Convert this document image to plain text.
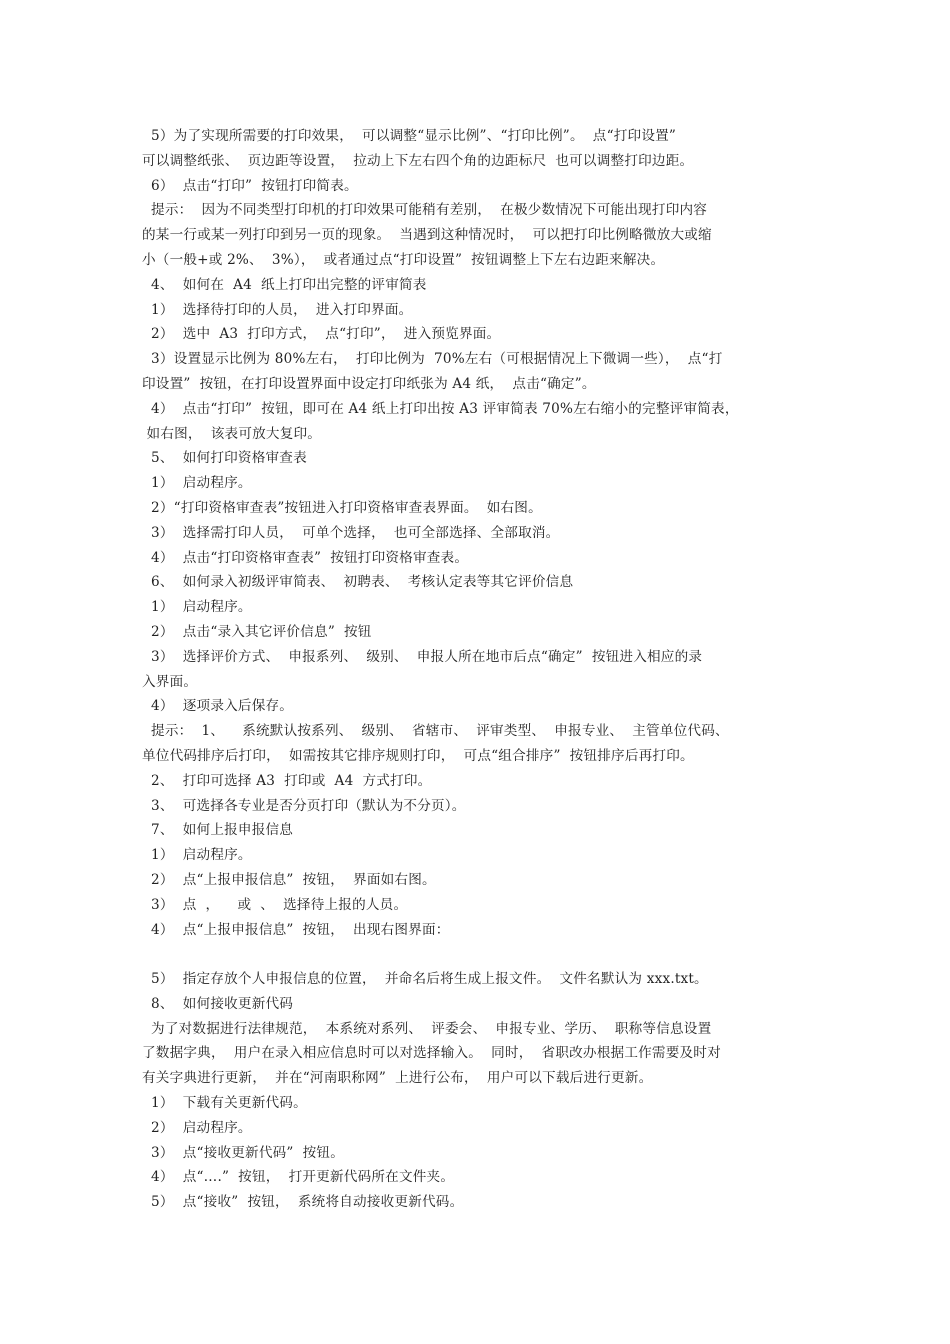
5）为了实现所需要的打印效果，  可以调整“显示比例”、“打印比例”。  点“打印设置”
可以调整纸张、  页边距等设置，  拉动上下左右四个角的边距标尺  也可以调整打印边距。
6）  点击“打印”  按钮打印简表。
提示：  因为不同类型打印机的打印效果可能稍有差别，  在极少数情况下可能出现打印内容
的某一行或某一列打印到另一页的现象。  当遇到这种情况时，  可以把打印比例略微放大或缩
小（一般+或 2%、  3%），  或者通过点“打印设置”  按钮调整上下左右边距来解决。
4、  如何在  A4  纸上打印出完整的评审简表
1）  选择待打印的人员，  进入打印界面。
2）  选中  A3  打印方式，  点“打印”，  进入预览界面。
3）设置显示比例为 80%左右，  打印比例为  70%左右（可根据情况上下微调一些），  点“打
印设置”  按钮，在打印设置界面中设定打印纸张为 A4 纸，  点击“确定”。
4）  点击“打印”  按钮，即可在 A4 纸上打印出按 A3 评审简表 70%左右缩小的完整评审简表，
如右图，  该表可放大复印。
5、  如何打印资格审查表
1）  启动程序。
2）“打印资格审查表”按钮进入打印资格审查表界面。  如右图。
3）  选择需打印人员，  可单个选择，  也可全部选择、全部取消。
4）  点击“打印资格审查表”  按钮打印资格审查表。
6、  如何录入初级评审简表、  初聘表、  考核认定表等其它评价信息
1）  启动程序。
2）  点击“录入其它评价信息”  按钮
3）  选择评价方式、  申报系列、  级别、  申报人所在地市后点“确定”  按钮进入相应的录
入界面。
4）  逐项录入后保存。
提示：  1、    系统默认按系列、  级别、  省辖市、  评审类型、  申报专业、  主管单位代码、
单位代码排序后打印，  如需按其它排序规则打印，  可点“组合排序”  按钮排序后再打印。
2、  打印可选择 A3  打印或  A4  方式打印。
3、  可选择各专业是否分页打印（默认为不分页）。
7、  如何上报申报信息
1）  启动程序。
2）  点“上报申报信息”  按钮，  界面如右图。
3）  点  ，    或  、  选择待上报的人员。
4）  点“上报申报信息”  按钮，  出现右图界面：
5）  指定存放个人申报信息的位置，  并命名后将生成上报文件。  文件名默认为 xxx.txt。
8、  如何接收更新代码
为了对数据进行法律规范，  本系统对系列、  评委会、  申报专业、学历、  职称等信息设置
了数据字典，  用户在录入相应信息时可以对选择输入。  同时，  省职改办根据工作需要及时对
有关字典进行更新，  并在“河南职称网”  上进行公布，  用户可以下载后进行更新。
1）  下载有关更新代码。
2）  启动程序。
3）  点“接收更新代码”  按钮。
4）  点“….”  按钮，  打开更新代码所在文件夹。
5）  点“接收”  按钮，  系统将自动接收更新代码。
